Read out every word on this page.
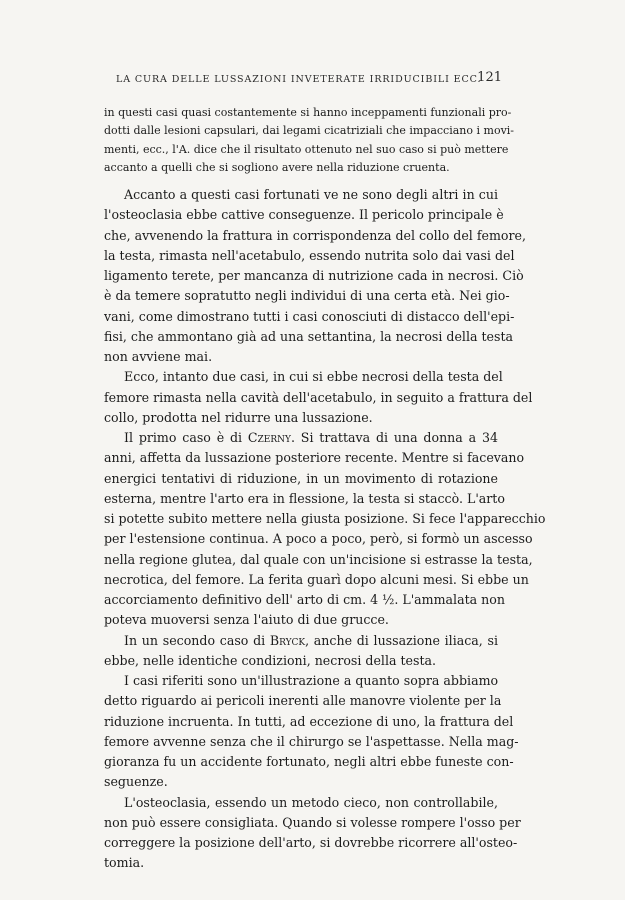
LA CURA DELLE LUSSAZIONI INVETERATE IRRIDUCIBILI ECC.
121
in questi casi quasi costantemente si hanno inceppamenti funzionali pro-
dotti dalle lesioni capsulari, dai legami cicatriziali che impacciano i movi-
menti, ecc., l'A. dice che il risultato ottenuto nel suo caso si può mettere
accanto a quelli che si sogliono avere nella riduzione cruenta.
Accanto a questi casi fortunati ve ne sono degli altri in cui
l'osteoclasia ebbe cattive conseguenze. Il pericolo principale è
che, avvenendo la frattura in corrispondenza del collo del femore,
la testa, rimasta nell'acetabulo, essendo nutrita solo dai vasi del
ligamento terete, per mancanza di nutrizione cada in necrosi. Ciò
è da temere sopratutto negli individui di una certa età. Nei gio-
vani, come dimostrano tutti i casi conosciuti di distacco dell'epi-
fisi, che ammontano già ad una settantina, la necrosi della testa
non avviene mai.
Ecco, intanto due casi, in cui si ebbe necrosi della testa del
femore rimasta nella cavità dell'acetabulo, in seguito a frattura del
collo, prodotta nel ridurre una lussazione.
Il primo caso è di Czerny. Si trattava di una donna a 34
anni, affetta da lussazione posteriore recente. Mentre si facevano
energici tentativi di riduzione, in un movimento di rotazione
esterna, mentre l'arto era in flessione, la testa si staccò. L'arto
si potette subito mettere nella giusta posizione. Si fece l'apparecchio
per l'estensione continua. A poco a poco, però, si formò un ascesso
nella regione glutea, dal quale con un'incisione si estrasse la testa,
necrotica, del femore. La ferita guarì dopo alcuni mesi. Si ebbe un
accorciamento definitivo dell' arto di cm. 4 ½. L'ammalata non
poteva muoversi senza l'aiuto di due grucce.
In un secondo caso di Bryck, anche di lussazione iliaca, si
ebbe, nelle identiche condizioni, necrosi della testa.
I casi riferiti sono un'illustrazione a quanto sopra abbiamo
detto riguardo ai pericoli inerenti alle manovre violente per la
riduzione incruenta. In tutti, ad eccezione di uno, la frattura del
femore avvenne senza che il chirurgo se l'aspettasse. Nella mag-
gioranza fu un accidente fortunato, negli altri ebbe funeste con-
seguenze.
L'osteoclasia, essendo un metodo cieco, non controllabile,
non può essere consigliata. Quando si volesse rompere l'osso per
correggere la posizione dell'arto, si dovrebbe ricorrere all'osteo-
tomia.
